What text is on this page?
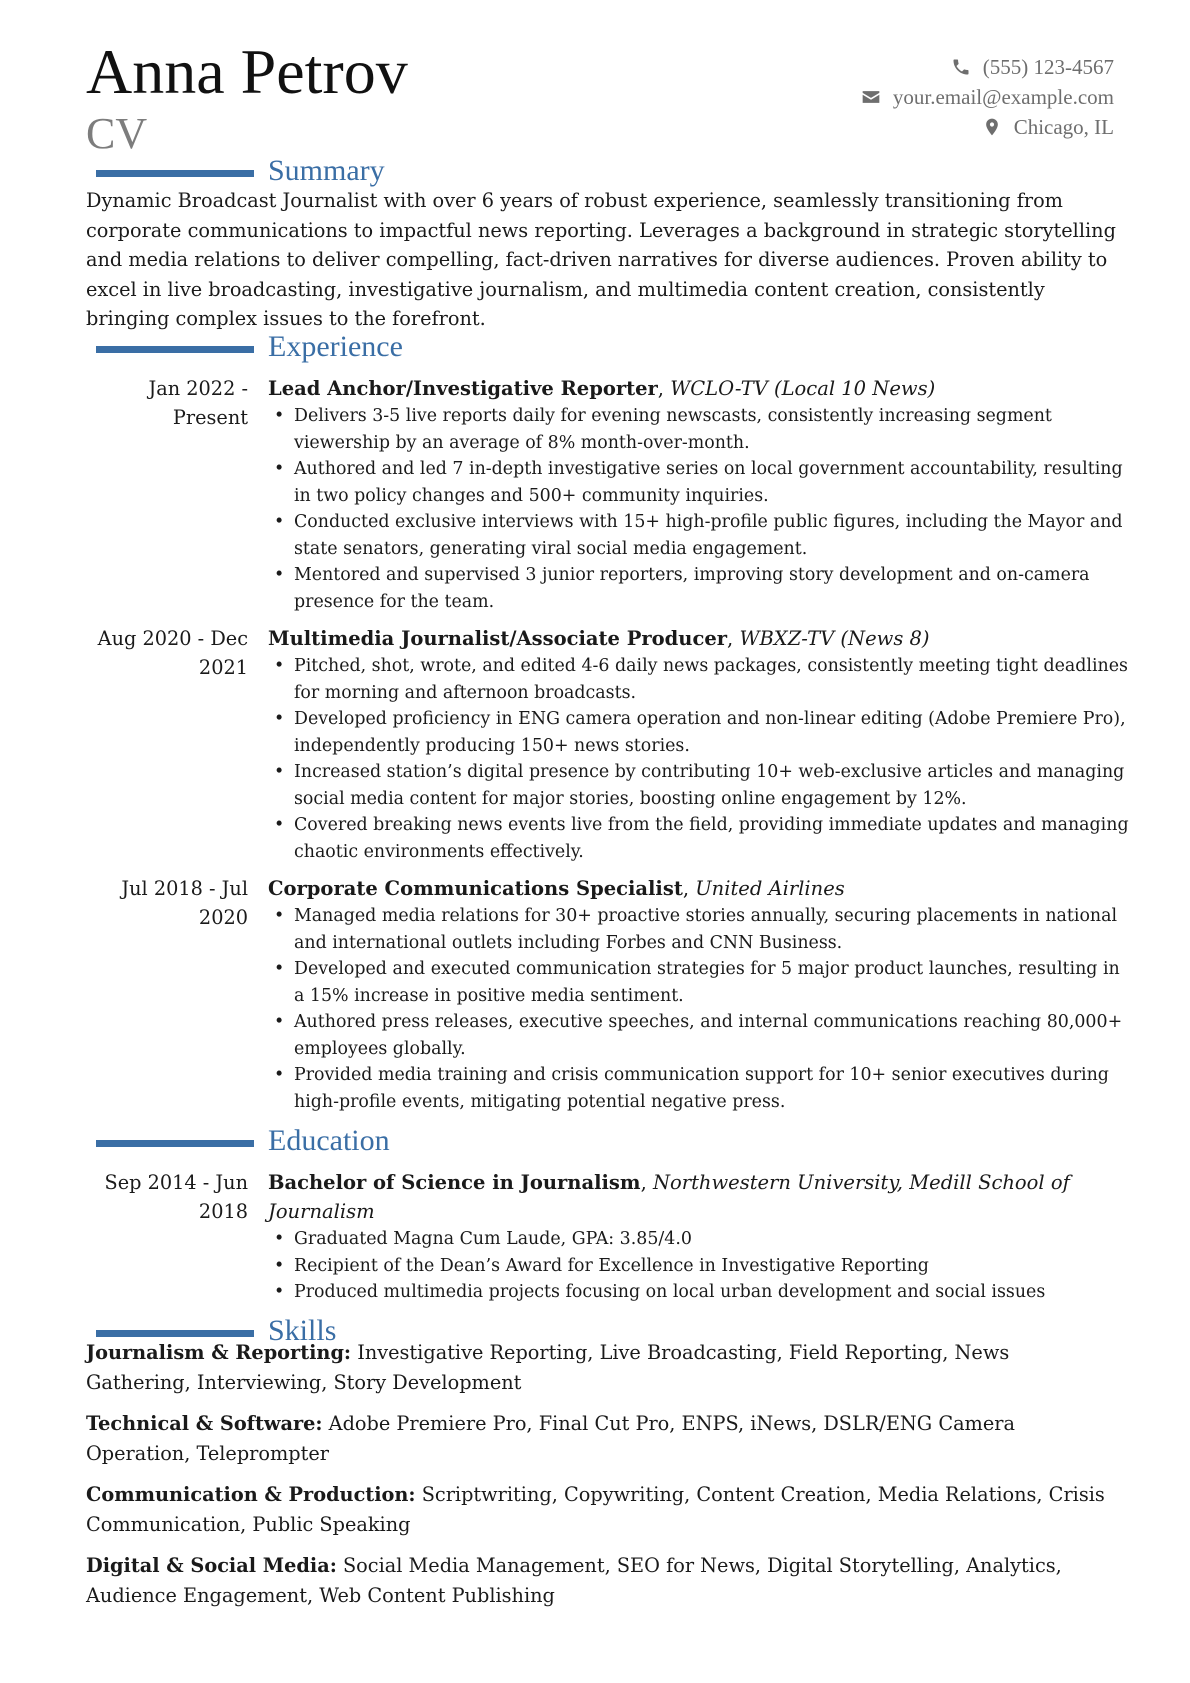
Anna Petrov
CV
(555) 123-4567
your.email@example.com
Chicago, IL
Summary

Dynamic Broadcast Journalist with over 6 years of robust experience, seamlessly transitioning from corporate communications to impactful news reporting. Leverages a background in strategic storytelling and media relations to deliver compelling, fact-driven narratives for diverse audiences. Proven ability to excel in live broadcasting, investigative journalism, and multimedia content creation, consistently bringing complex issues to the forefront.

Experience
Jan 2022 - Present

Lead Anchor/Investigative Reporter, WCLO-TV (Local 10 News)

• Delivers 3-5 live reports daily for evening newscasts, consistently increasing segment viewership by an average of 8% month-over-month.
• Authored and led 7 in-depth investigative series on local government accountability, resulting in two policy changes and 500+ community inquiries.
• Conducted exclusive interviews with 15+ high-profile public figures, including the Mayor and state senators, generating viral social media engagement.
• Mentored and supervised 3 junior reporters, improving story development and on-camera presence for the team.
Aug 2020 - Dec 2021

Multimedia Journalist/Associate Producer, WBXZ-TV (News 8)

• Pitched, shot, wrote, and edited 4-6 daily news packages, consistently meeting tight deadlines for morning and afternoon broadcasts.
• Developed proficiency in ENG camera operation and non-linear editing (Adobe Premiere Pro), independently producing 150+ news stories.
• Increased station’s digital presence by contributing 10+ web-exclusive articles and managing social media content for major stories, boosting online engagement by 12%.
• Covered breaking news events live from the field, providing immediate updates and managing chaotic environments effectively.
Jul 2018 - Jul 2020

Corporate Communications Specialist, United Airlines

• Managed media relations for 30+ proactive stories annually, securing placements in national and international outlets including Forbes and CNN Business.
• Developed and executed communication strategies for 5 major product launches, resulting in a 15% increase in positive media sentiment.
• Authored press releases, executive speeches, and internal communications reaching 80,000+ employees globally.
• Provided media training and crisis communication support for 10+ senior executives during high-profile events, mitigating potential negative press.
Education
Sep 2014 - Jun 2018

Bachelor of Science in Journalism, Northwestern University, Medill School of Journalism

• Graduated Magna Cum Laude, GPA: 3.85/4.0
• Recipient of the Dean’s Award for Excellence in Investigative Reporting
• Produced multimedia projects focusing on local urban development and social issues
Skills

Journalism & Reporting: Investigative Reporting, Live Broadcasting, Field Reporting, News Gathering, Interviewing, Story Development

Technical & Software: Adobe Premiere Pro, Final Cut Pro, ENPS, iNews, DSLR/ENG Camera Operation, Teleprompter

Communication & Production: Scriptwriting, Copywriting, Content Creation, Media Relations, Crisis Communication, Public Speaking

Digital & Social Media: Social Media Management, SEO for News, Digital Storytelling, Analytics, Audience Engagement, Web Content Publishing
